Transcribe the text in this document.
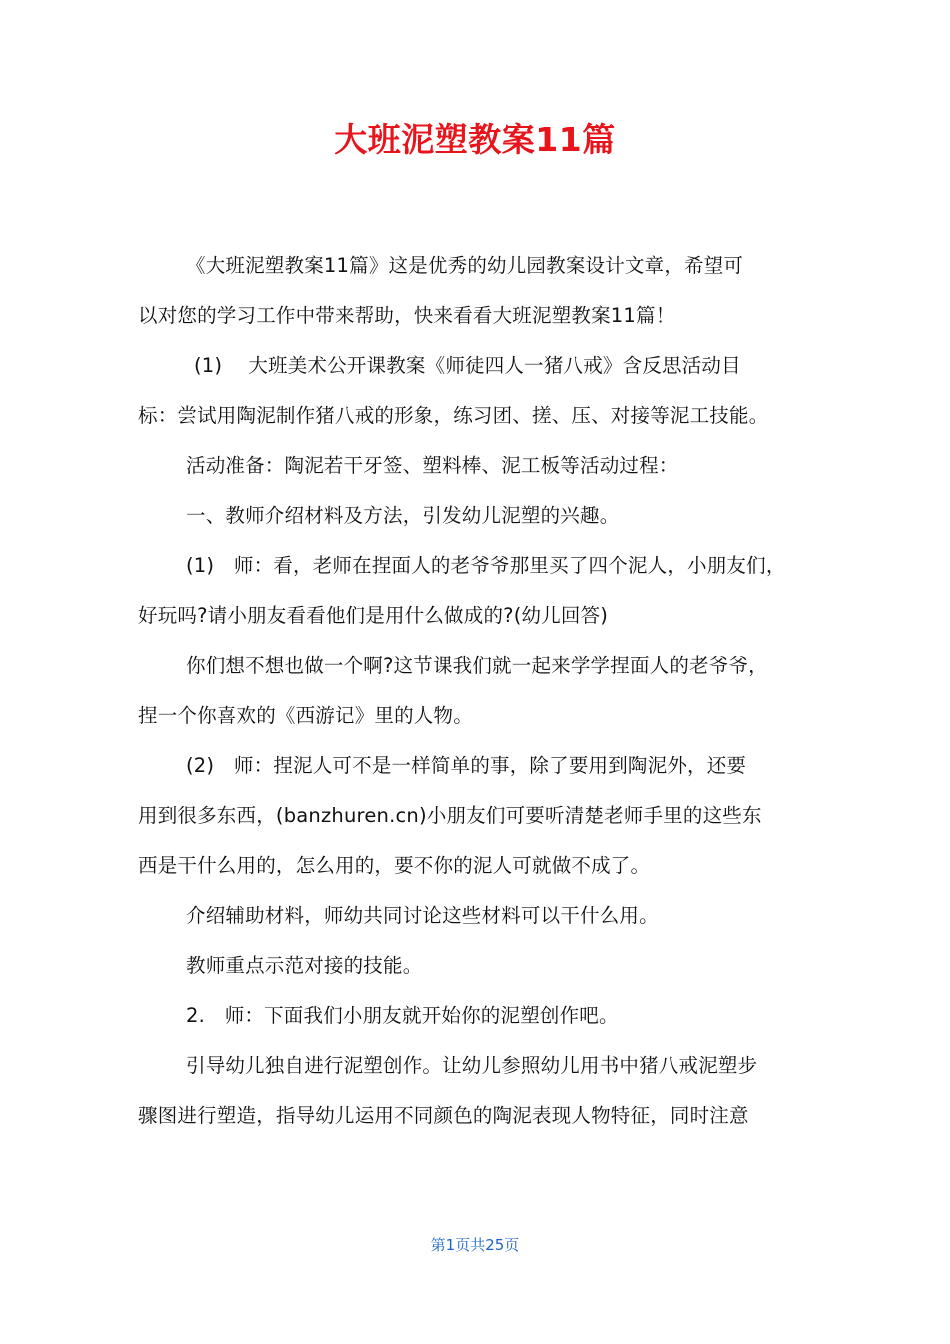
大班泥塑教案11篇
《大班泥塑教案11篇》这是优秀的幼儿园教案设计文章，希望可
以对您的学习工作中带来帮助，快来看看大班泥塑教案11篇！
(1)　 大班美术公开课教案《师徒四人一猪八戒》含反思活动目
标：尝试用陶泥制作猪八戒的形象，练习团、搓、压、对接等泥工技能。
活动准备：陶泥若干牙签、塑料棒、泥工板等活动过程：
一、教师介绍材料及方法，引发幼儿泥塑的兴趣。
(1)　师：看，老师在捏面人的老爷爷那里买了四个泥人，小朋友们，
好玩吗?请小朋友看看他们是用什么做成的?(幼儿回答)
你们想不想也做一个啊?这节课我们就一起来学学捏面人的老爷爷，
捏一个你喜欢的《西游记》里的人物。
(2)　师：捏泥人可不是一样简单的事，除了要用到陶泥外，还要
用到很多东西，(banzhuren.cn)小朋友们可要听清楚老师手里的这些东
西是干什么用的，怎么用的，要不你的泥人可就做不成了。
介绍辅助材料，师幼共同讨论这些材料可以干什么用。
教师重点示范对接的技能。
2.　师：下面我们小朋友就开始你的泥塑创作吧。
引导幼儿独自进行泥塑创作。让幼儿参照幼儿用书中猪八戒泥塑步
骤图进行塑造，指导幼儿运用不同颜色的陶泥表现人物特征，同时注意
第1页共25页
